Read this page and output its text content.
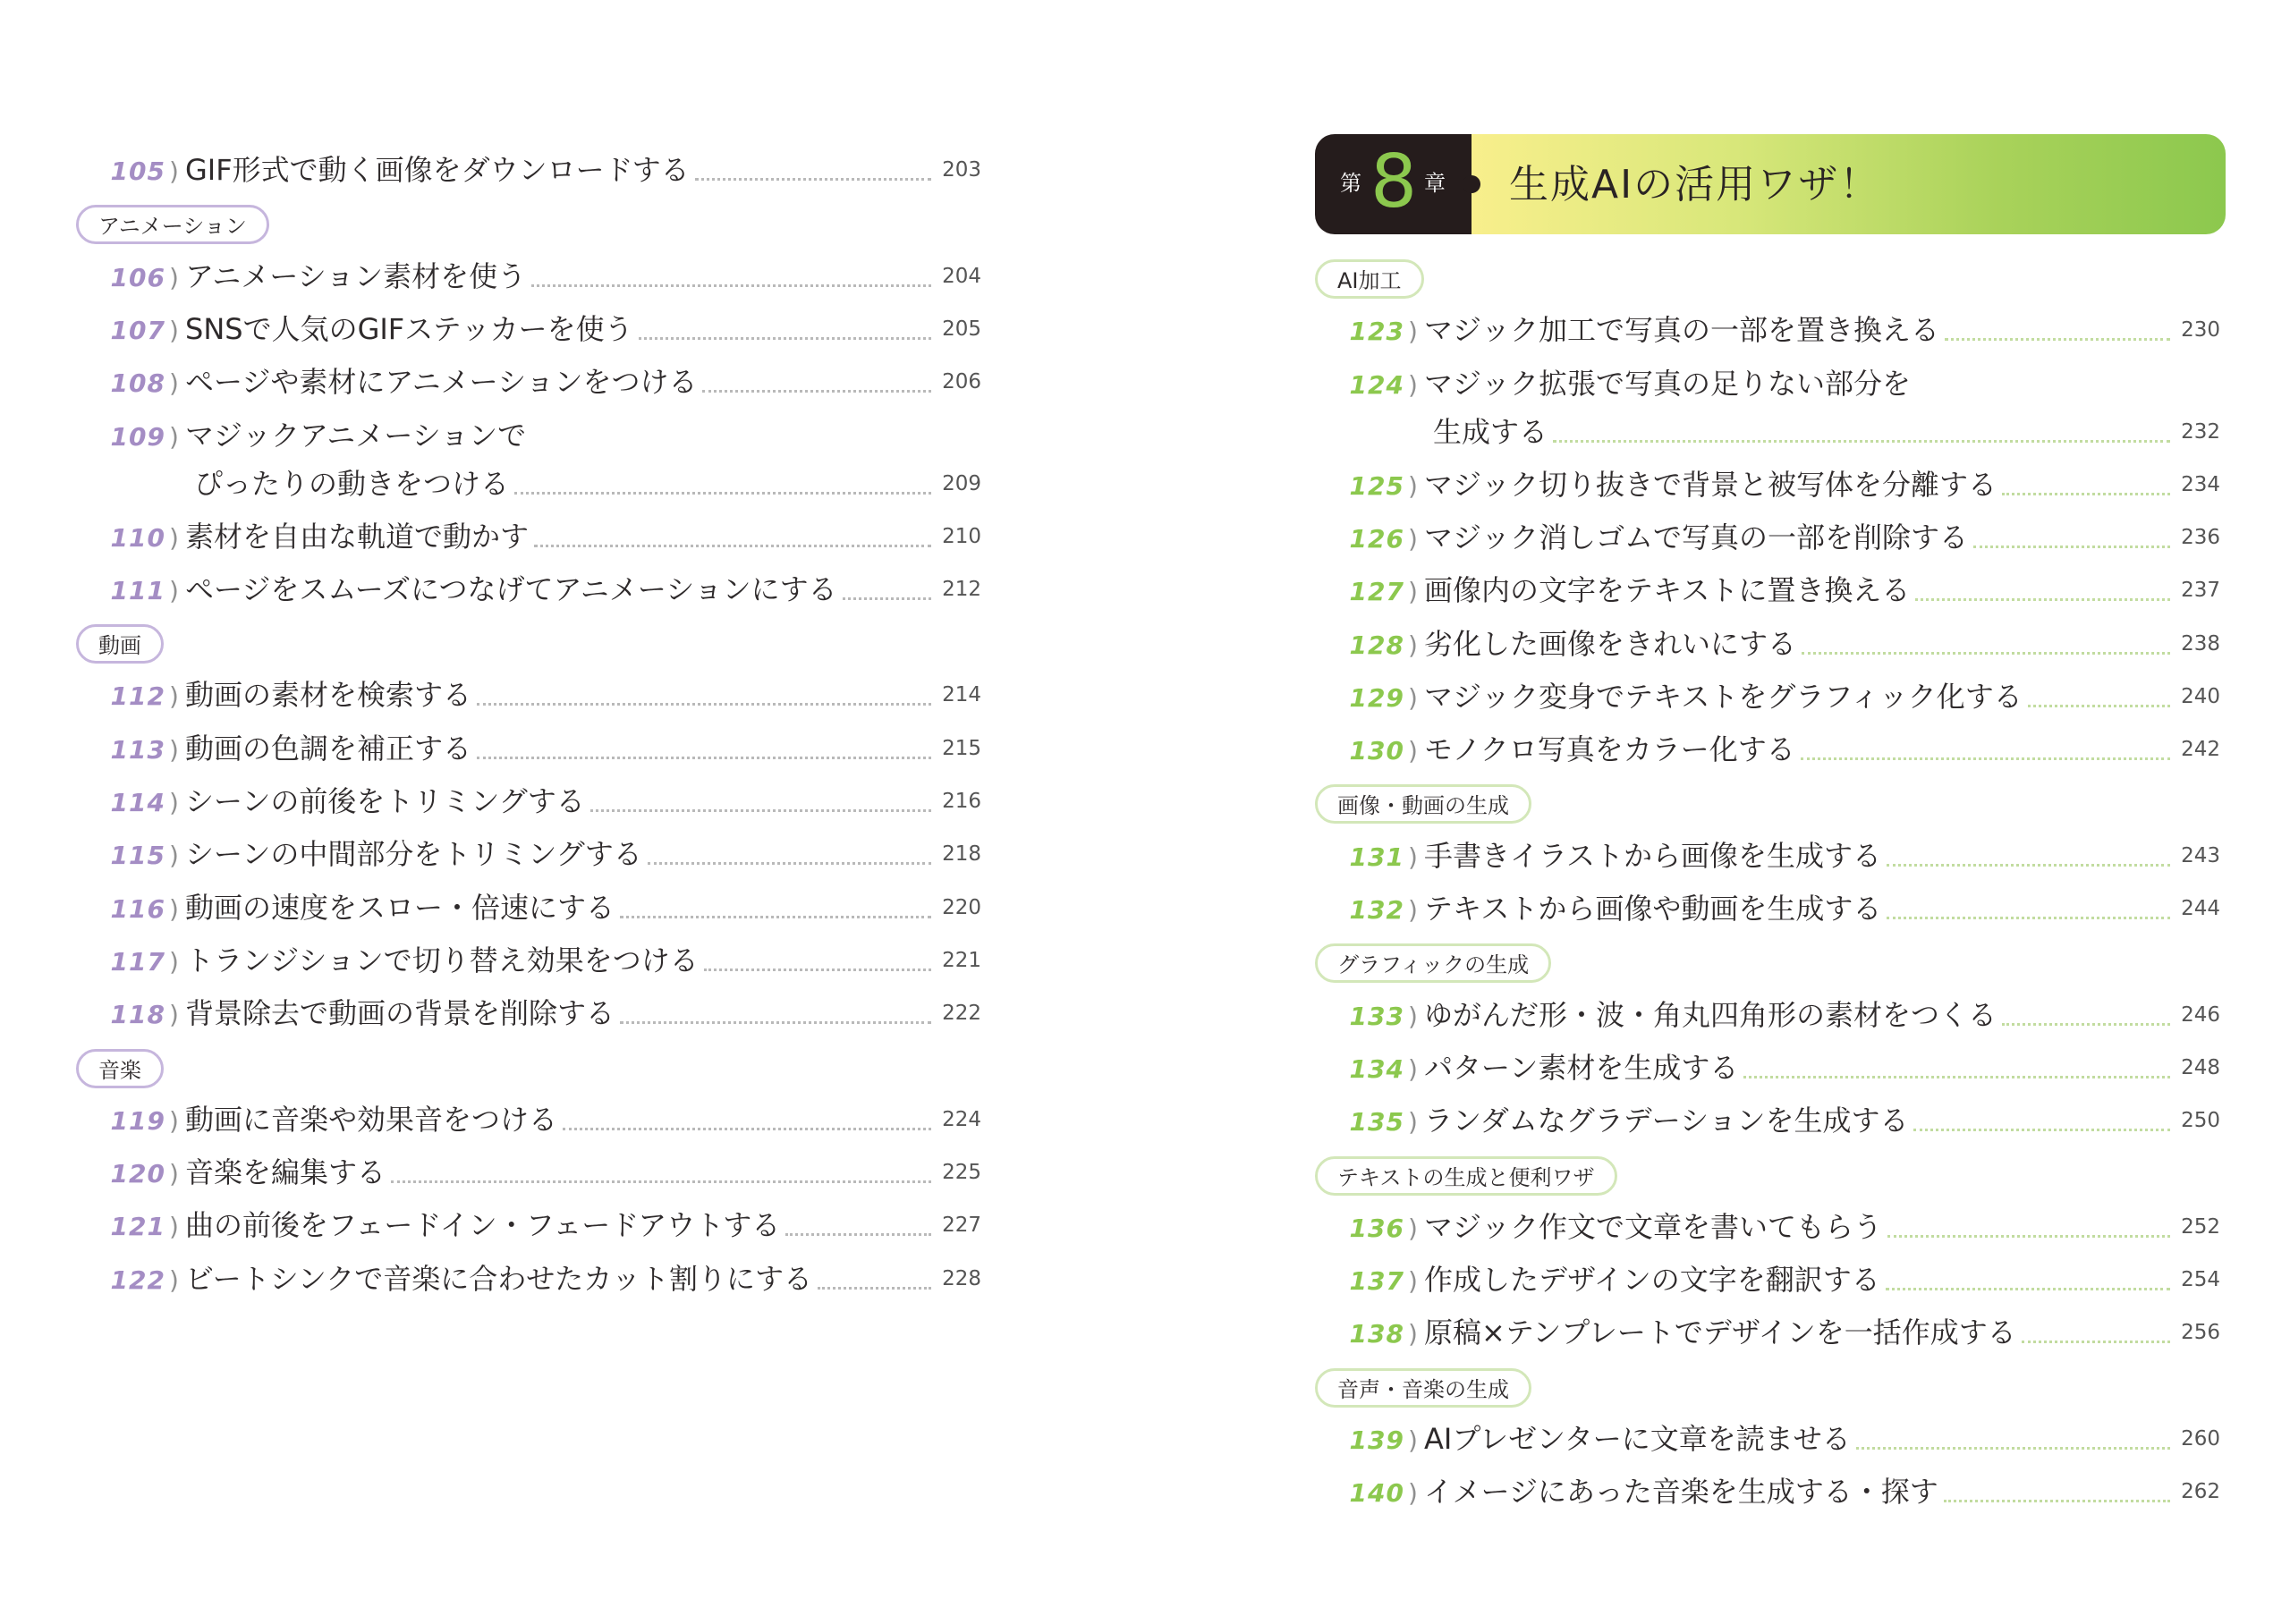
105 ) GIF形式で動く画像をダウンロードする	203
アニメーション
106 ) アニメーション素材を使う	204
107 ) SNSで人気のGIFステッカーを使う	205
108 ) ページや素材にアニメーションをつける	206
109 ) マジックアニメーションで
ぴったりの動きをつける	209
110 ) 素材を自由な軌道で動かす	210
111 ) ページをスムーズにつなげてアニメーションにする	212
動画
112 ) 動画の素材を検索する	214
113 ) 動画の色調を補正する	215
114 ) シーンの前後をトリミングする	216
115 ) シーンの中間部分をトリミングする	218
116 ) 動画の速度をスロー・倍速にする	220
117 ) トランジションで切り替え効果をつける	221
118 ) 背景除去で動画の背景を削除する	222
音楽
119 ) 動画に音楽や効果音をつける	224
120 ) 音楽を編集する	225
121 ) 曲の前後をフェードイン・フェードアウトする	227
122 ) ビートシンクで音楽に合わせたカット割りにする	228
第 8 章 生成AIの活用ワザ！
AI加工
123 ) マジック加工で写真の一部を置き換える	230
124 ) マジック拡張で写真の足りない部分を
生成する	232
125 ) マジック切り抜きで背景と被写体を分離する	234
126 ) マジック消しゴムで写真の一部を削除する	236
127 ) 画像内の文字をテキストに置き換える	237
128 ) 劣化した画像をきれいにする	238
129 ) マジック変身でテキストをグラフィック化する	240
130 ) モノクロ写真をカラー化する	242
画像・動画の生成
131 ) 手書きイラストから画像を生成する	243
132 ) テキストから画像や動画を生成する	244
グラフィックの生成
133 ) ゆがんだ形・波・角丸四角形の素材をつくる	246
134 ) パターン素材を生成する	248
135 ) ランダムなグラデーションを生成する	250
テキストの生成と便利ワザ
136 ) マジック作文で文章を書いてもらう	252
137 ) 作成したデザインの文字を翻訳する	254
138 ) 原稿×テンプレートでデザインを一括作成する	256
音声・音楽の生成
139 ) AIプレゼンターに文章を読ませる	260
140 ) イメージにあった音楽を生成する・探す	262
